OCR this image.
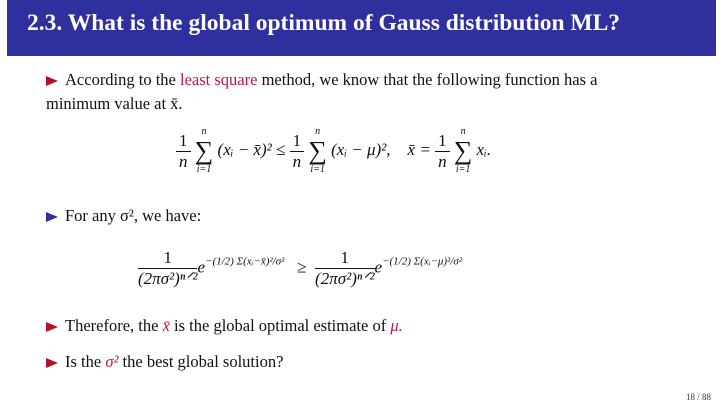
2.3. What is the global optimum of Gauss distribution ML?
According to the least square method, we know that the following function has a
minimum value at x̄.
$\frac{1}{n}$
	n
∑
i=1
(xᵢ − x̄)² ≤ $\frac{1}{n}$
	n
∑
i=1
(xᵢ − μ)², x̄ = $\frac{1}{n}$
	n
∑
i=1
xᵢ.
For any σ², we have:
$\frac{1}{\text{(2πσ²)ⁿᐟ²}} e^{-(1/2) \Sigma(xᵢ-x̄)^2/\sigma^2} \ge \frac{1}{\text{(2πσ²)ⁿᐟ²}} e^{-(1/2) \Sigma(xᵢ-\mu)^2/\sigma^2}$
Therefore, the x̄ is the global optimal estimate of μ.
Is the σ² the best global solution?
18 / 88
